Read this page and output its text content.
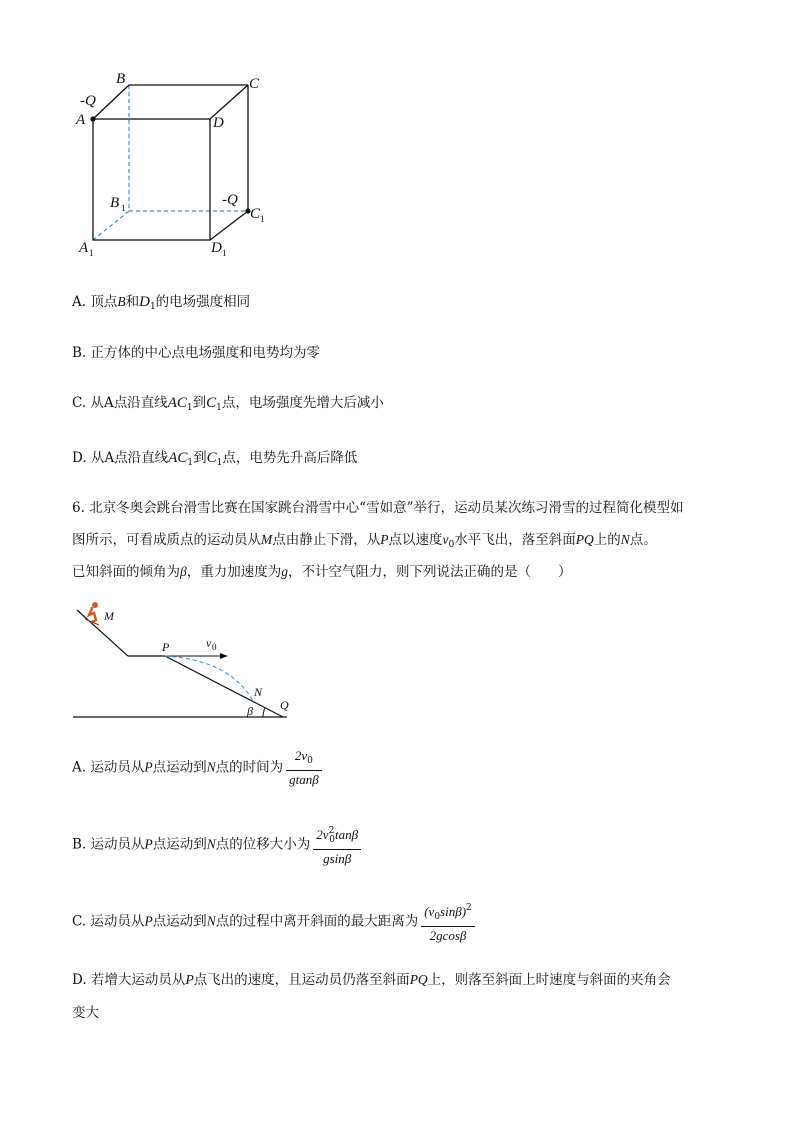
-Q
-Q
B	C
A	D
B 1	C 1
A 1	D 1
A. 顶点B和$D_1$的电场强度相同
B. 正方体的中心点电场强度和电势均为零
C. 从A点沿直线$AC_1$到$C_1$点，电场强度先增大后减小
D. 从A点沿直线$AC_1$到$C_1$点，电势先升高后降低
6. 北京冬奥会跳台滑雪比赛在国家跳台滑雪中心“雪如意”举行，运动员某次练习滑雪的过程简化模型如
图所示，可看成质点的运动员从M点由静止下滑，从P点以速度$v_0$水平飞出，落至斜面PQ上的N点。
已知斜面的倾角为β，重力加速度为g，不计空气阻力，则下列说法正确的是（　　）
M
P	v 0
N
Q
β
A. 运动员从P点运动到N点的时间为 $\frac{2v_0}{gtan\beta}$
B. 运动员从P点运动到N点的位移大小为 $\frac{2v^2_0\tan\beta}{gsin\beta}$
C. 运动员从P点运动到N点的过程中离开斜面的最大距离为 $\frac{(v_0\sin\beta)^2}{2gcos\beta}$
D. 若增大运动员从P点飞出的速度，且运动员仍落至斜面PQ上，则落至斜面上时速度与斜面的夹角会
变大
